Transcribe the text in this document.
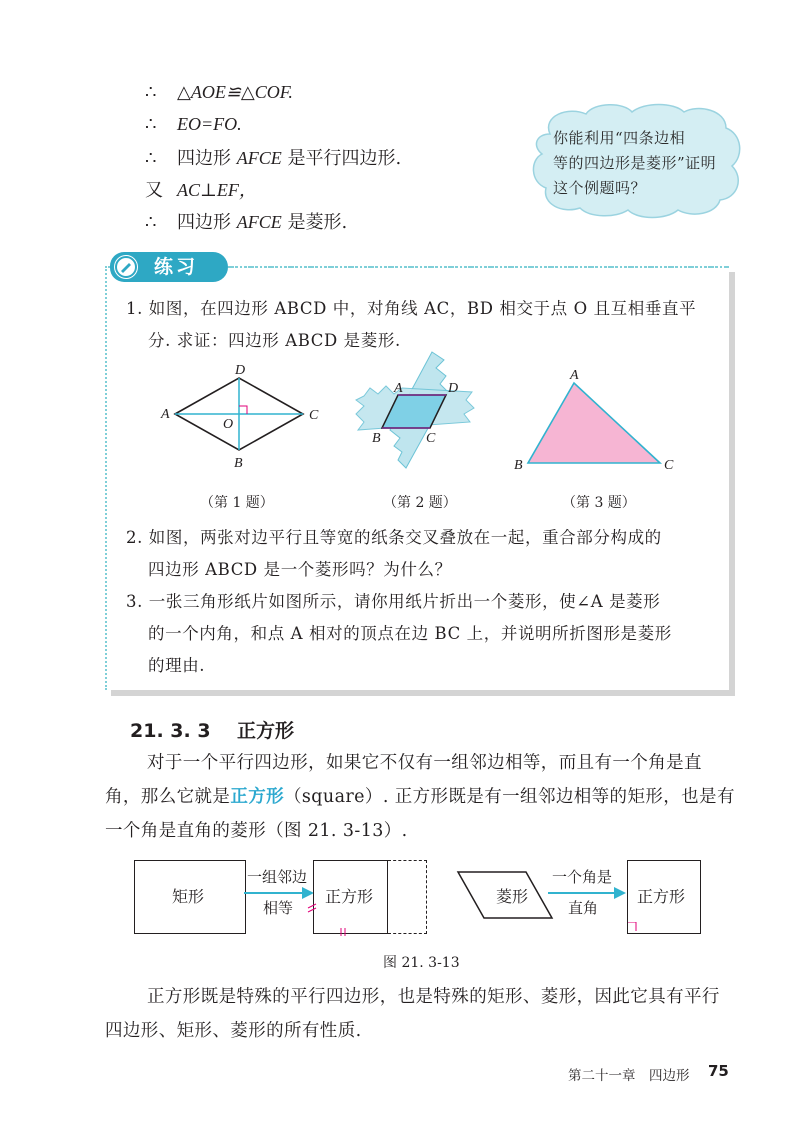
∴ △AOE≌△COF.
∴ EO=FO.
∴ 四边形 AFCE 是平行四边形.
又 AC⊥EF，
∴ 四边形 AFCE 是菱形.
你能利用“四条边相
等的四边形是菱形”证明
这个例题吗？
练习
1. 如图，在四边形 ABCD 中，对角线 AC，BD 相交于点 O 且互相垂直平
分. 求证：四边形 ABCD 是菱形.
D
A	C
B
O
A	D
B	C
A
B	C
（第 1 题）	（第 2 题）	（第 3 题）
2. 如图，两张对边平行且等宽的纸条交叉叠放在一起，重合部分构成的
四边形 ABCD 是一个菱形吗？为什么？
3. 一张三角形纸片如图所示，请你用纸片折出一个菱形，使∠A 是菱形
的一个内角，和点 A 相对的顶点在边 BC 上，并说明所折图形是菱形
的理由.
21. 3. 3 正方形
对于一个平行四边形，如果它不仅有一组邻边相等，而且有一个角是直
角，那么它就是正方形（square）. 正方形既是有一组邻边相等的矩形，也是有
一个角是直角的菱形（图 21. 3-13）.
矩形
一组邻边
相等
正方形	菱形
一个角是
直角
正方形
图 21. 3-13
正方形既是特殊的平行四边形，也是特殊的矩形、菱形，因此它具有平行
四边形、矩形、菱形的所有性质.
第二十一章　四边形 75
